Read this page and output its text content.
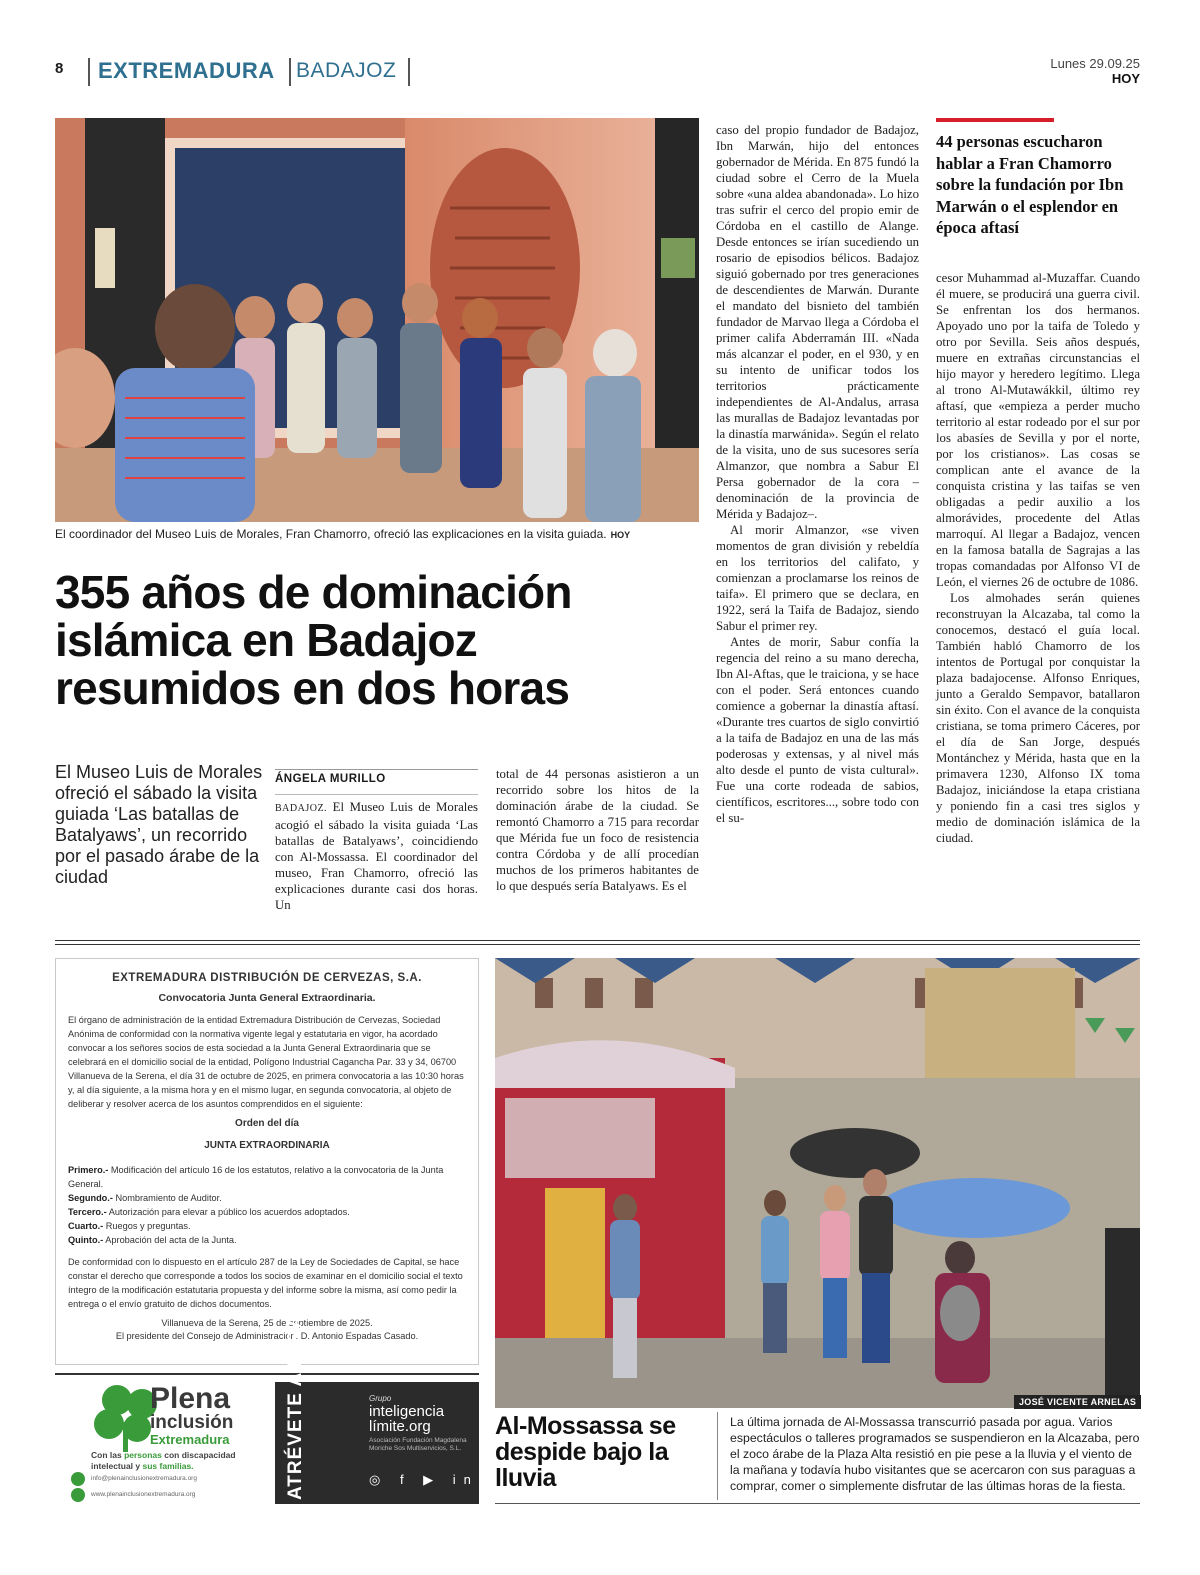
8 EXTREMADURA BADAJOZ	Lunes 29.09.25
HOY
El coordinador del Museo Luis de Morales, Fran Chamorro, ofreció las explicaciones en la visita guiada. HOY
355 años de dominación islámica en Badajoz resumidos en dos horas
El Museo Luis de Morales ofreció el sábado la visita guiada ‘Las batallas de Batalyaws’, un recorrido por el pasado árabe de la ciudad
ÁNGELA MURILLO

BADAJOZ. El Museo Luis de Morales acogió el sábado la visita guiada ‘Las batallas de Batalyaws’, coincidiendo con Al-Mossassa. El coordinador del museo, Fran Chamorro, ofreció las explicaciones durante casi dos horas. Un

total de 44 personas asistieron a un recorrido sobre los hitos de la dominación árabe de la ciudad. Se remontó Chamorro a 715 para recordar que Mérida fue un foco de resistencia contra Córdoba y de allí procedían muchos de los primeros habitantes de lo que después sería Batalyaws. Es el

caso del propio fundador de Badajoz, Ibn Marwán, hijo del entonces gobernador de Mérida. En 875 fundó la ciudad sobre el Cerro de la Muela sobre «una aldea abandonada». Lo hizo tras sufrir el cerco del propio emir de Córdoba en el castillo de Alange. Desde entonces se irían sucediendo un rosario de episodios bélicos. Badajoz siguió gobernado por tres generaciones de descendientes de Marwán. Durante el mandato del bisnieto del también fundador de Marvao llega a Córdoba el primer califa Abderramán III. «Nada más alcanzar el poder, en el 930, y en su intento de unificar todos los territorios prácticamente independientes de Al-Andalus, arrasa las murallas de Badajoz levantadas por la dinastía marwánida». Según el relato de la visita, uno de sus sucesores sería Almanzor, que nombra a Sabur El Persa gobernador de la cora –denominación de la provincia de Mérida y Badajoz–.

Al morir Almanzor, «se viven momentos de gran división y rebeldía en los territorios del califato, y comienzan a proclamarse los reinos de taifa». El primero que se declara, en 1922, será la Taifa de Badajoz, siendo Sabur el primer rey.

Antes de morir, Sabur confía la regencia del reino a su mano derecha, Ibn Al-Aftas, que le traiciona, y se hace con el poder. Será entonces cuando comience a gobernar la dinastía aftasí. «Durante tres cuartos de siglo convirtió a la taifa de Badajoz en una de las más poderosas y extensas, y al nivel más alto desde el punto de vista cultural». Fue una corte rodeada de sabios, científicos, escritores..., sobre todo con el su-

44 personas escucharon hablar a Fran Chamorro sobre la fundación por Ibn Marwán o el esplendor en época aftasí

cesor Muhammad al-Muzaffar. Cuando él muere, se producirá una guerra civil. Se enfrentan los dos hermanos. Apoyado uno por la taifa de Toledo y otro por Sevilla. Seis años después, muere en extrañas circunstancias el hijo mayor y heredero legítimo. Llega al trono Al-Mutawákkil, último rey aftasí, que «empieza a perder mucho territorio al estar rodeado por el sur por los abasíes de Sevilla y por el norte, por los cristianos». Las cosas se complican ante el avance de la conquista cristina y las taifas se ven obligadas a pedir auxilio a los almorávides, procedente del Atlas marroquí. Al llegar a Badajoz, vencen en la famosa batalla de Sagrajas a las tropas comandadas por Alfonso VI de León, el viernes 26 de octubre de 1086.

Los almohades serán quienes reconstruyan la Alcazaba, tal como la conocemos, destacó el guía local. También habló Chamorro de los intentos de Portugal por conquistar la plaza badajocense. Alfonso Enriques, junto a Geraldo Sempavor, batallaron sin éxito. Con el avance de la conquista cristiana, se toma primero Cáceres, por el día de San Jorge, después Montánchez y Mérida, hasta que en la primavera 1230, Alfonso IX toma Badajoz, iniciándose la etapa cristiana y poniendo fin a casi tres siglos y medio de dominación islámica de la ciudad.

EXTREMADURA DISTRIBUCIÓN DE CERVEZAS, S.A.
Convocatoria Junta General Extraordinaria.
El órgano de administración de la entidad Extremadura Distribución de Cervezas, Sociedad Anónima de conformidad con la normativa vigente legal y estatutaria en vigor, ha acordado convocar a los señores socios de esta sociedad a la Junta General Extraordinaria que se celebrará en el domicilio social de la entidad, Polígono Industrial Caganchа Par. 33 y 34, 06700 Villanueva de la Serena, el día 31 de octubre de 2025, en primera convocatoria a las 10:30 horas y, al día siguiente, a la misma hora y en el mismo lugar, en segunda convocatoria, al objeto de deliberar y resolver acerca de los asuntos comprendidos en el siguiente:
Orden del día
JUNTA EXTRAORDINARIA
Primero.- Modificación del artículo 16 de los estatutos, relativo a la convocatoria de la Junta General.
Segundo.- Nombramiento de Auditor.
Tercero.- Autorización para elevar a público los acuerdos adoptados.
Cuarto.- Ruegos y preguntas.
Quinto.- Aprobación del acta de la Junta.
De conformidad con lo dispuesto en el artículo 287 de la Ley de Sociedades de Capital, se hace constar el derecho que corresponde a todos los socios de examinar en el domicilio social el texto íntegro de la modificación estatutaria propuesta y del informe sobre la misma, así como pedir la entrega o el envío gratuito de dichos documentos.
Villanueva de la Serena, 25 de septiembre de 2025.
El presidente del Consejo de Administración. D. Antonio Espadas Casado.
Plena
inclusión
Extremadura
Con las personas con discapacidad intelectual y sus familias.
info@plenainclusionextremadura.org
www.plenainclusionextremadura.org	ATRÉVETE A MIRAR	Grupo
inteligencia límite.org
Asociación Fundación Magdalena Moriche Sos Multiservicios, S.L.
◎ f ▶ in
JOSÉ VICENTE ARNELAS
Al-Mossassa se despide bajo la lluvia
La última jornada de Al-Mossassa transcurrió pasada por agua. Varios espectáculos o talleres programados se suspendieron en la Alcazaba, pero el zoco árabe de la Plaza Alta resistió en pie pese a la lluvia y el viento de la mañana y todavía hubo visitantes que se acercaron con sus paraguas a comprar, comer o simplemente disfrutar de las últimas horas de la fiesta.
